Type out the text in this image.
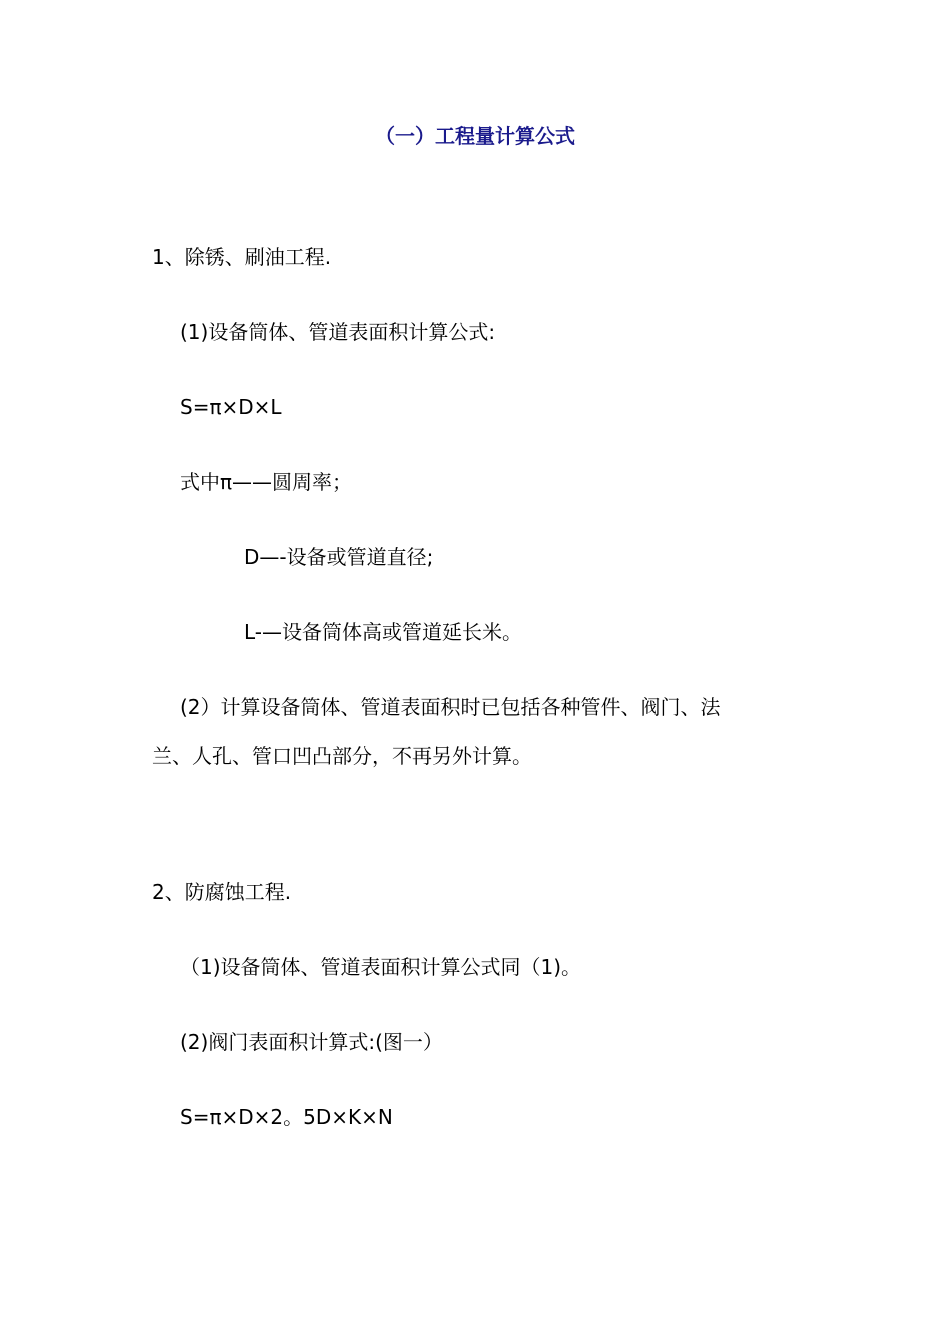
（一）工程量计算公式

1、除锈、刷油工程.

(1)设备筒体、管道表面积计算公式:

S=π×D×L

式中π——圆周率；

D—-设备或管道直径;

L-—设备筒体高或管道延长米。

(2）计算设备筒体、管道表面积时已包括各种管件、阀门、法

兰、人孔、管口凹凸部分，不再另外计算。

2、防腐蚀工程.

（1)设备筒体、管道表面积计算公式同（1)。

(2)阀门表面积计算式:(图一）

S=π×D×2。5D×K×N
